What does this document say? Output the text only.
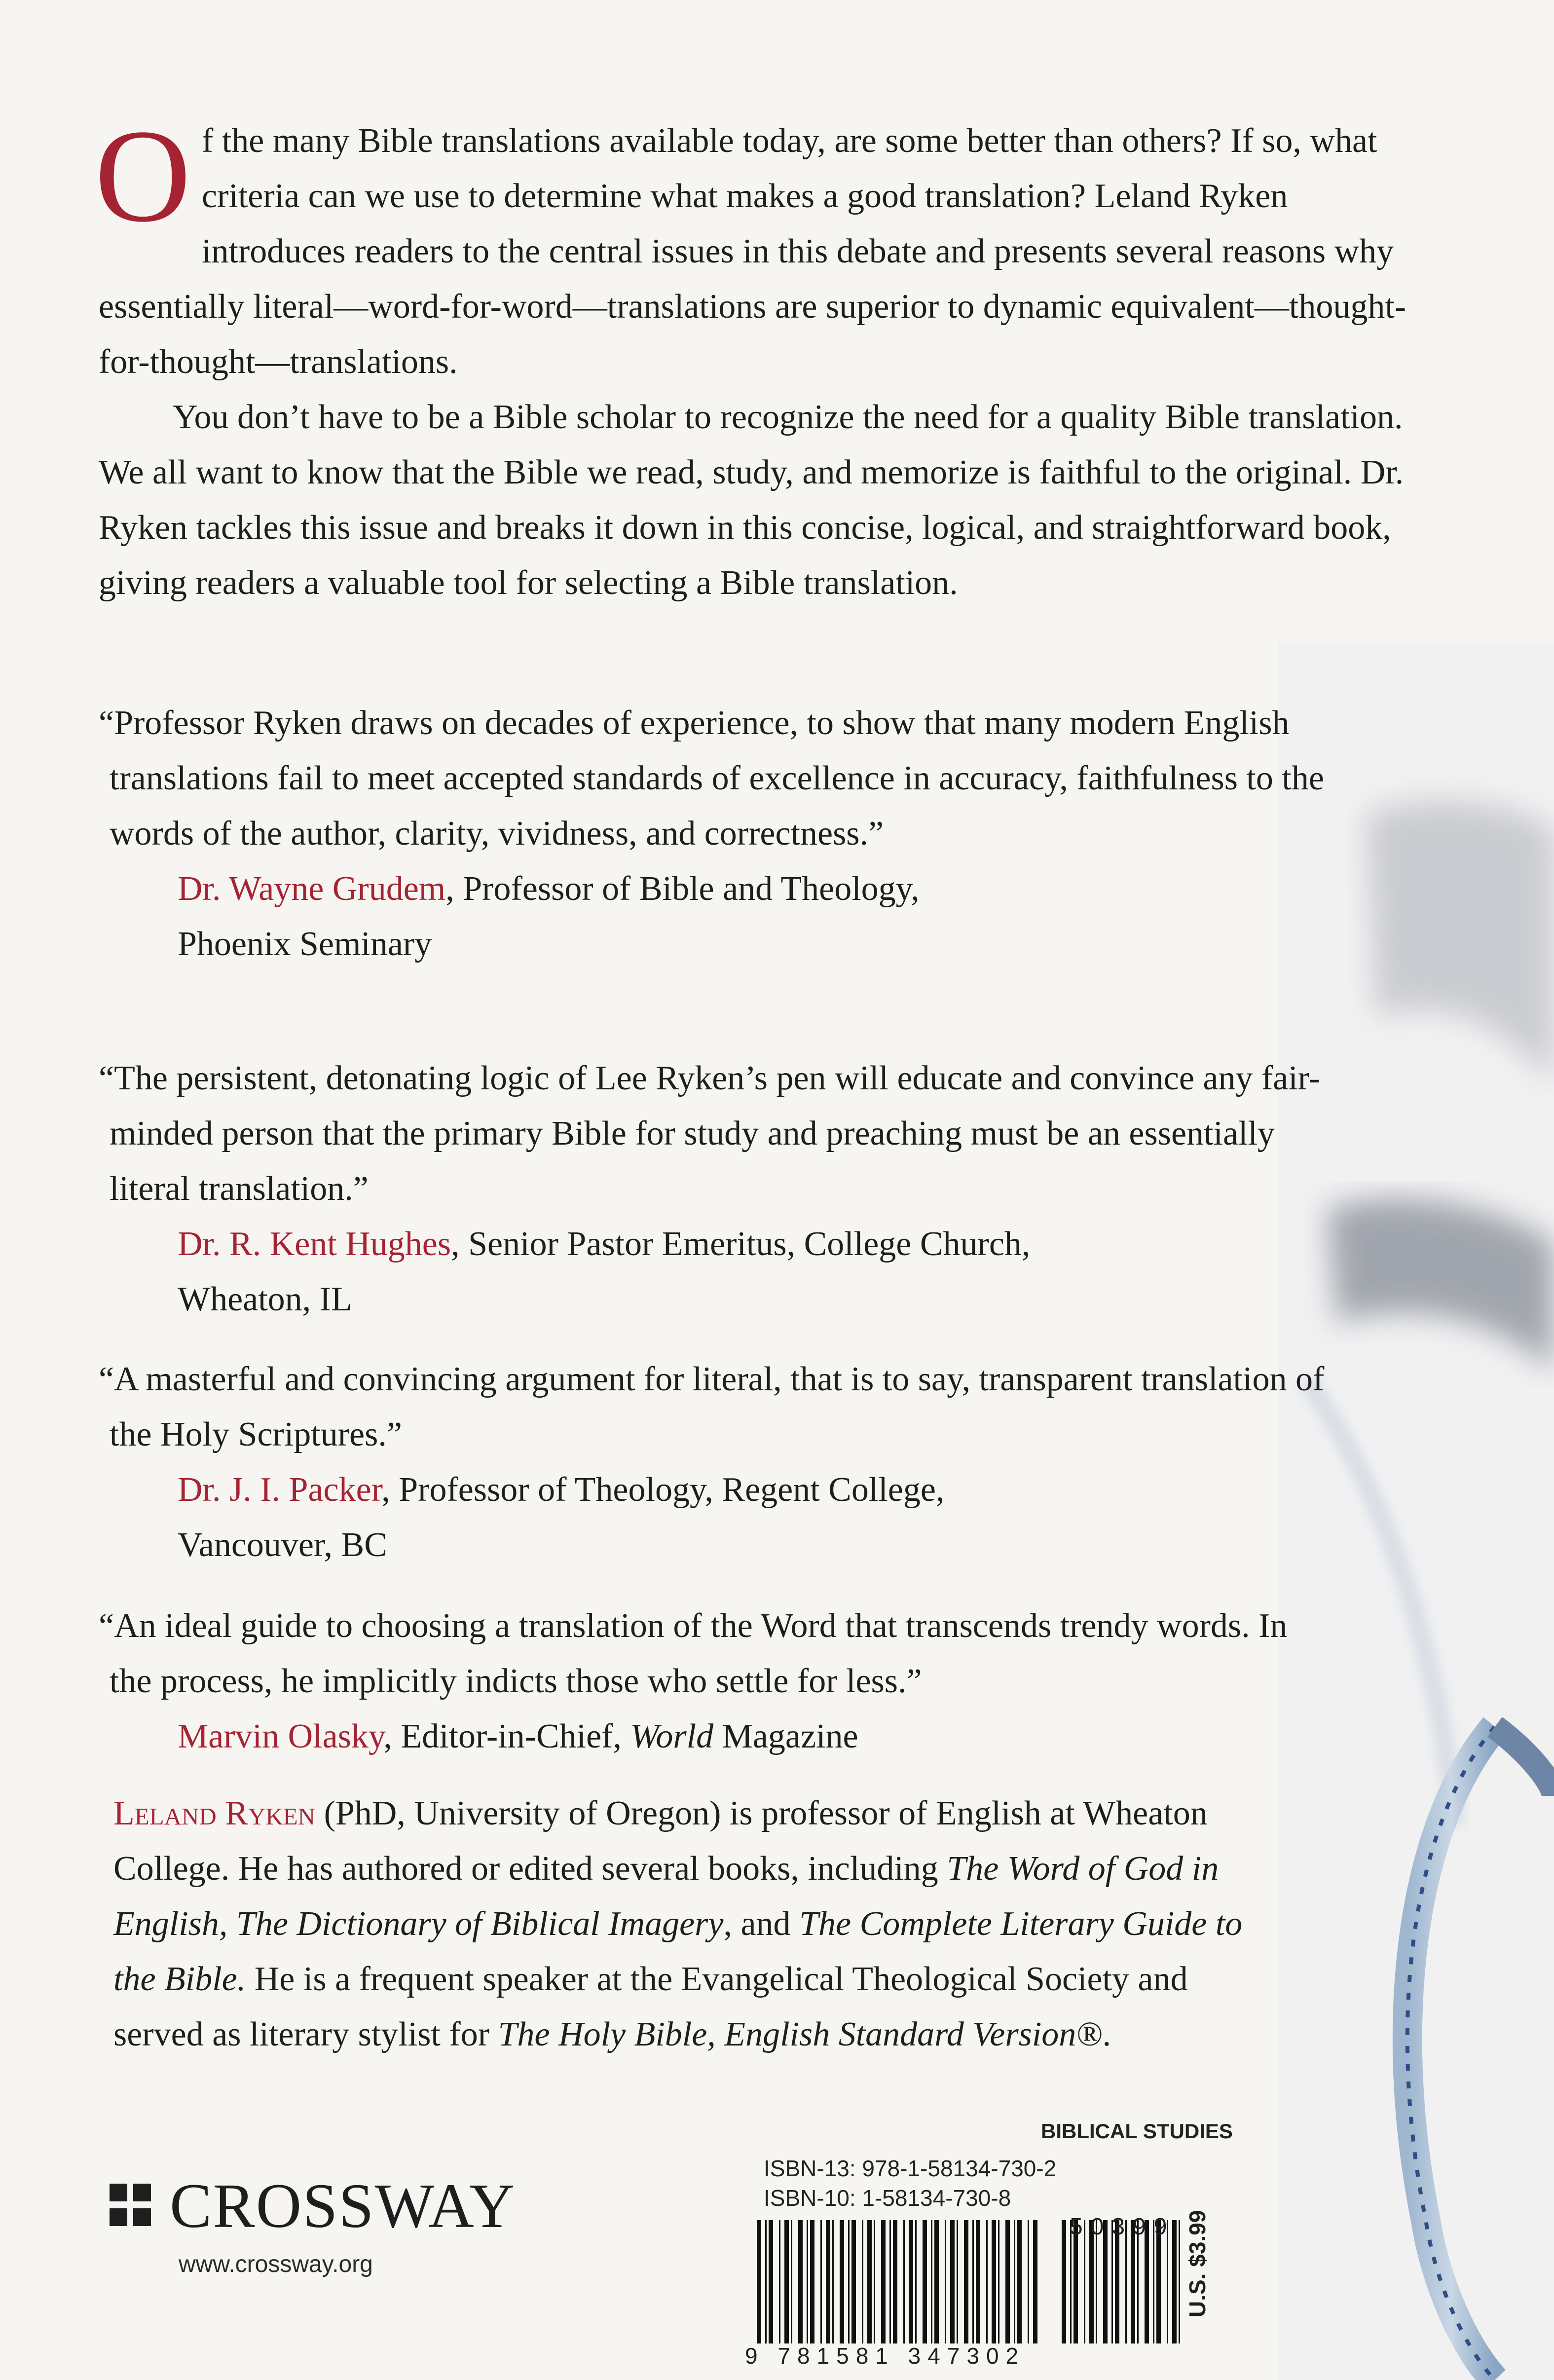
Of the many Bible translations available today, are some better than others? If so, what criteria can we use to determine what makes a good translation? Leland Ryken introduces readers to the central issues in this debate and presents several reasons why essentially literal—word-for-word—translations are superior to dynamic equivalent—thought-for-thought—translations.

You don’t have to be a Bible scholar to recognize the need for a quality Bible translation. We all want to know that the Bible we read, study, and memorize is faithful to the original. Dr. Ryken tackles this issue and breaks it down in this concise, logical, and straightforward book, giving readers a valuable tool for selecting a Bible translation.

“Professor Ryken draws on decades of experience, to show that many modern English translations fail to meet accepted standards of excellence in accuracy, faithfulness to the words of the author, clarity, vividness, and correctness.”

Dr. Wayne Grudem, Professor of Bible and Theology,

Phoenix Seminary

“The persistent, detonating logic of Lee Ryken’s pen will educate and convince any fair-minded person that the primary Bible for study and preaching must be an essentially literal translation.”

Dr. R. Kent Hughes, Senior Pastor Emeritus, College Church,

Wheaton, IL

“A masterful and convincing argument for literal, that is to say, transparent translation of the Holy Scriptures.”

Dr. J. I. Packer, Professor of Theology, Regent College,

Vancouver, BC

“An ideal guide to choosing a translation of the Word that transcends trendy words. In the process, he implicitly indicts those who settle for less.”

Marvin Olasky, Editor-in-Chief, World Magazine

Leland Ryken (PhD, University of Oregon) is professor of English at Wheaton College. He has authored or edited several books, including The Word of God in English, The Dictionary of Biblical Imagery, and The Complete Literary Guide to the Bible. He is a frequent speaker at the Evangelical Theological Society and served as literary stylist for The Holy Bible, English Standard Version®.

CROSSWAY
www.crossway.org
BIBLICAL STUDIES
ISBN-13: 978-1-58134-730-2
ISBN-10: 1-58134-730-8
9 781581 347302
50399 U.S. $3.99
